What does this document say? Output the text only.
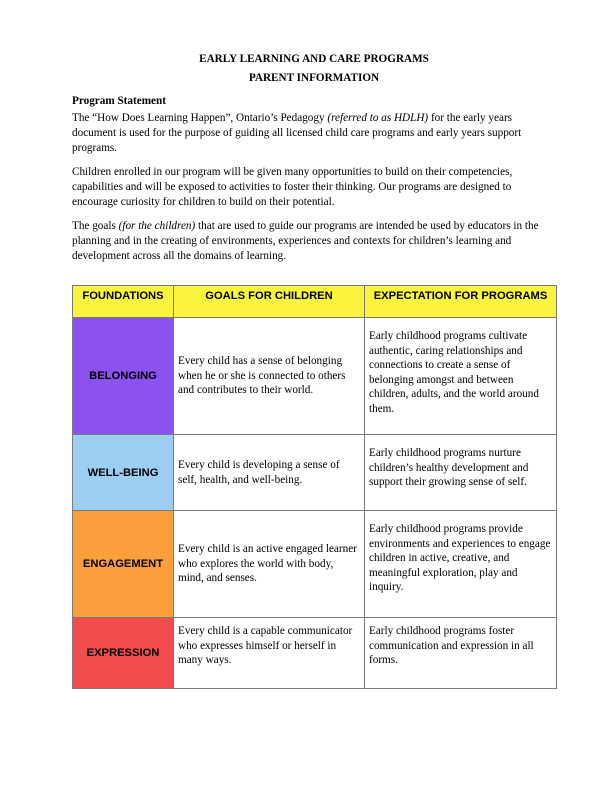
EARLY LEARNING AND CARE PROGRAMS

PARENT INFORMATION

Program Statement

The “How Does Learning Happen”, Ontario’s Pedagogy (referred to as HDLH) for the early years document is used for the purpose of guiding all licensed child care programs and early years support programs.

Children enrolled in our program will be given many opportunities to build on their competencies, capabilities and will be exposed to activities to foster their thinking. Our programs are designed to encourage curiosity for children to build on their potential.

The goals (for the children) that are used to guide our programs are intended be used by educators in the planning and in the creating of environments, experiences and contexts for children’s learning and development across all the domains of learning.

FOUNDATIONS	GOALS FOR CHILDREN	EXPECTATION FOR PROGRAMS
BELONGING	Every child has a sense of belonging when he or she is connected to others and contributes to their world.	Early childhood programs cultivate authentic, caring relationships and connections to create a sense of belonging amongst and between children, adults, and the world around them.
WELL-BEING	Every child is developing a sense of self, health, and well-being.	Early childhood programs nurture children’s healthy development and support their growing sense of self.
ENGAGEMENT	Every child is an active engaged learner who explores the world with body, mind, and senses.	Early childhood programs provide environments and experiences to engage children in active, creative, and meaningful exploration, play and inquiry.
EXPRESSION	Every child is a capable communicator who expresses himself or herself in many ways.	Early childhood programs foster communication and expression in all forms.
